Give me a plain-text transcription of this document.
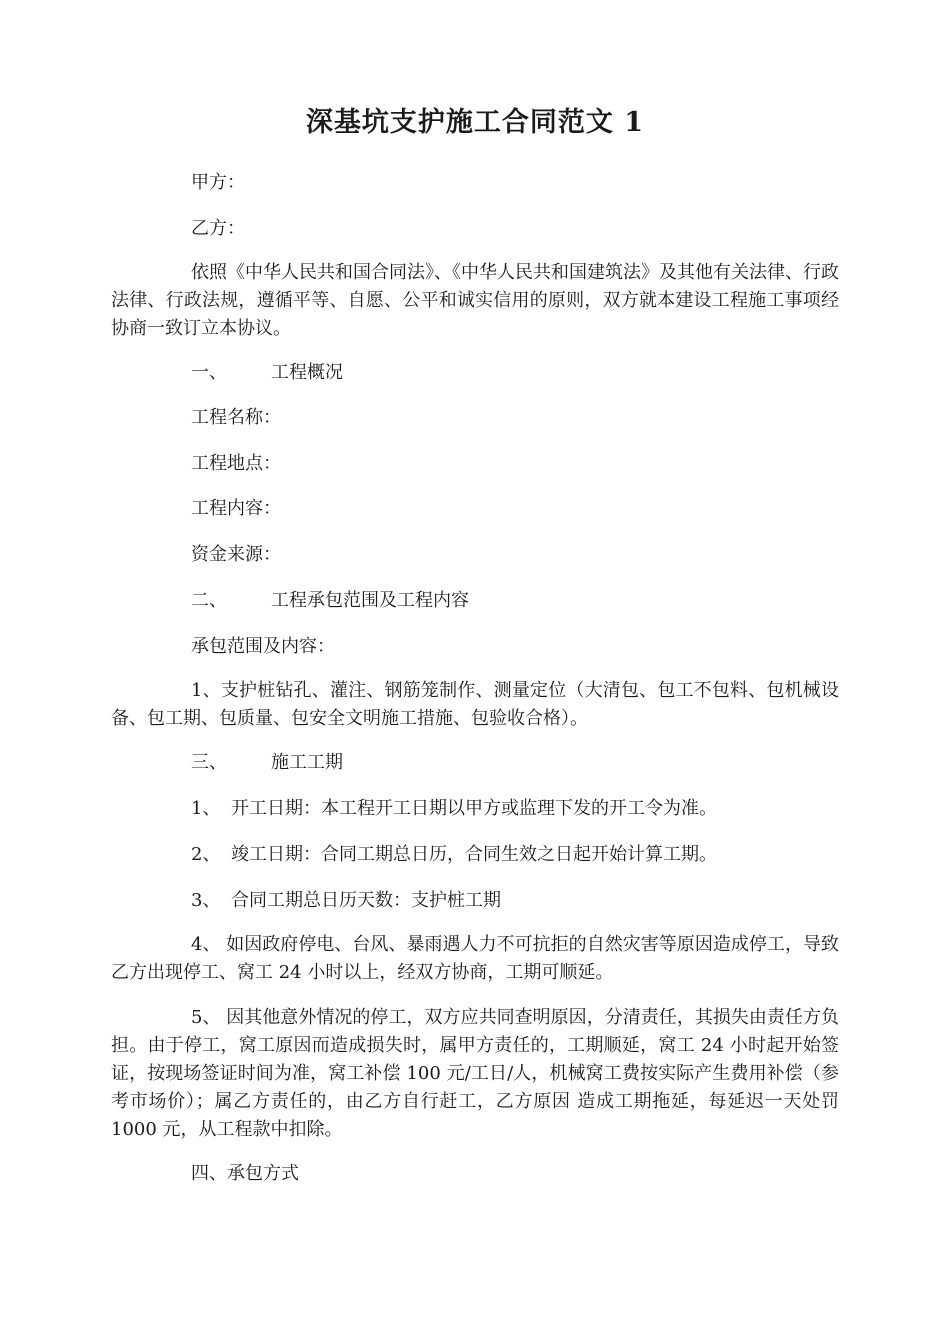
深基坑支护施工合同范文 1
甲方：
乙方：
依照《中华人民共和国合同法》、《中华人民共和国建筑法》及其他有关法律、行政法律、行政法规，遵循平等、自愿、公平和诚实信用的原则，双方就本建设工程施工事项经协商一致订立本协议。
一、 工程概况
工程名称：
工程地点：
工程内容：
资金来源：
二、 工程承包范围及工程内容
承包范围及内容：
1、支护桩钻孔、灌注、钢筋笼制作、测量定位（大清包、包工不包料、包机械设备、包工期、包质量、包安全文明施工措施、包验收合格）。
三、 施工工期
1、 开工日期：本工程开工日期以甲方或监理下发的开工令为准。
2、 竣工日期：合同工期总日历，合同生效之日起开始计算工期。
3、 合同工期总日历天数：支护桩工期
4、 如因政府停电、台风、暴雨遇人力不可抗拒的自然灾害等原因造成停工，导致乙方出现停工、窝工 24 小时以上，经双方协商，工期可顺延。
5、 因其他意外情况的停工，双方应共同查明原因，分清责任，其损失由责任方负担。由于停工，窝工原因而造成损失时，属甲方责任的，工期顺延，窝工 24 小时起开始签证，按现场签证时间为准，窝工补偿 100 元/工日/人，机械窝工费按实际产生费用补偿（参考市场价）；属乙方责任的，由乙方自行赶工，乙方原因 造成工期拖延，每延迟一天处罚 1000 元，从工程款中扣除。
四、承包方式
